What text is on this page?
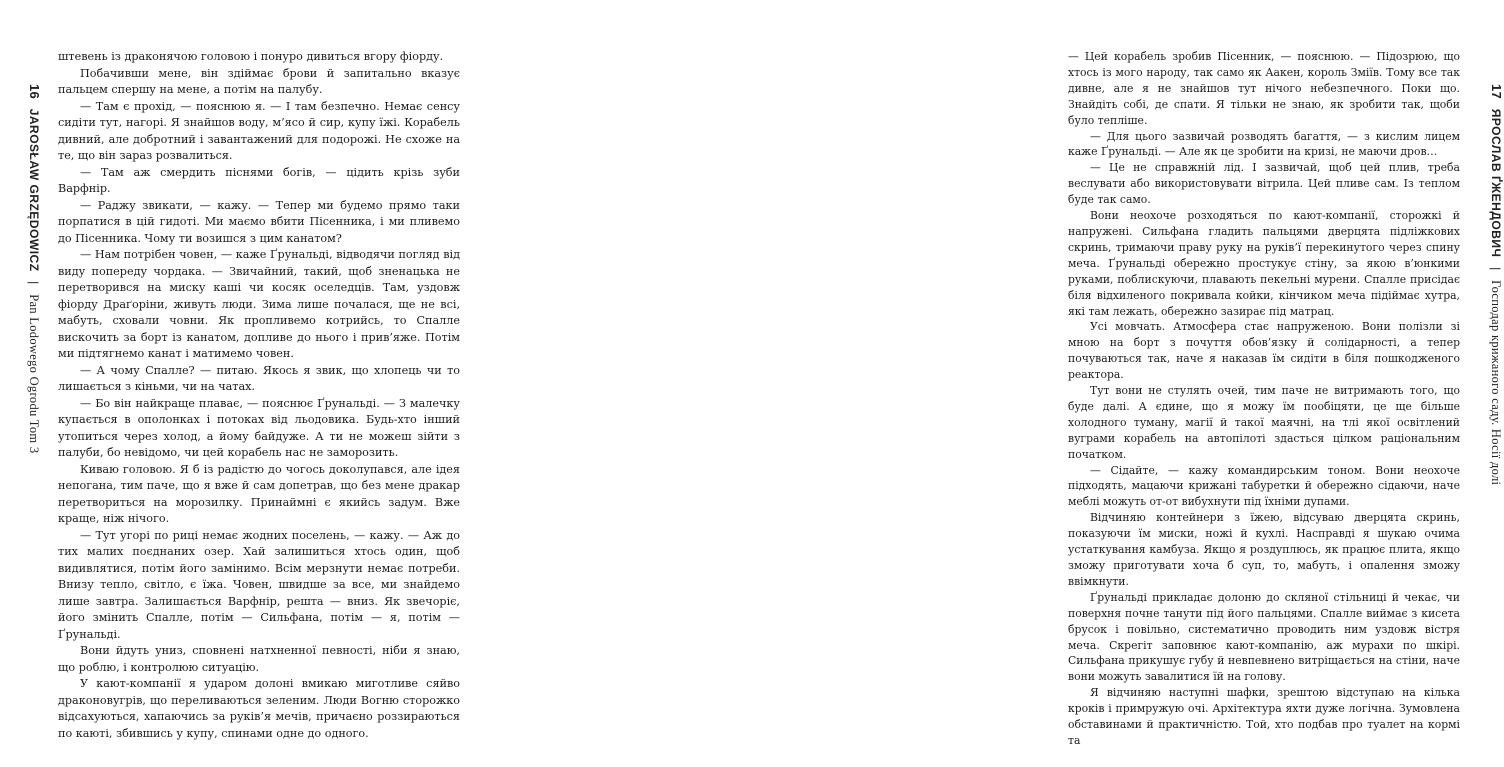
16 JAROSŁAW GRZĘDOWICZ | Pan Lodowego Ogrodu Tom 3

штевень із драконячою головою і понуро дивиться вгору фіорду.

Побачивши мене, він здіймає брови й запитально вказує пальцем спершу на мене, а потім на палубу.

— Там є прохід, — пояснюю я. — І там безпечно. Немає сенсу сидіти тут, нагорі. Я знайшов воду, м’ясо й сир, купу їжі. Корабель дивний, але добротний і завантажений для подорожі. Не схоже на те, що він зараз розвалиться.

— Там аж смердить піснями богів, — цідить крізь зуби Варфнір.

— Раджу звикати, — кажу. — Тепер ми будемо прямо таки порпатися в цій гидоті. Ми маємо вбити Пісенника, і ми пливемо до Пісенника. Чому ти возишся з цим канатом?

— Нам потрібен човен, — каже Ґрунальді, відводячи погляд від виду попереду чордака. — Звичайний, такий, щоб зненацька не перетворився на миску каші чи косяк оселедців. Там, уздовж фіорду Драґоріни, живуть люди. Зима лише почалася, ще не всі, мабуть, сховали човни. Як пропливемо котрийсь, то Спалле вискочить за борт із канатом, допливе до нього і прив’яже. Потім ми підтягнемо канат і матимемо човен.

— А чому Спалле? — питаю. Якось я звик, що хлопець чи то лишається з кіньми, чи на чатах.

— Бо він найкраще плаває, — пояснює Ґрунальді. — З малечку купається в ополонках і потоках від льодовика. Будь-хто інший утопиться через холод, а йому байдуже. А ти не можеш зійти з палуби, бо невідомо, чи цей корабель нас не заморозить.

Киваю головою. Я б із радістю до чогось доколупався, але ідея непогана, тим паче, що я вже й сам допетрав, що без мене дракар перетвориться на морозилку. Принаймні є якийсь задум. Вже краще, ніж нічого.

— Тут угорі по риці немає жодних поселень, — кажу. — Аж до тих малих поєднаних озер. Хай залишиться хтось один, щоб видивлятися, потім його замінимо. Всім мерзнути немає потреби. Внизу тепло, світло, є їжа. Човен, швидше за все, ми знайдемо лише завтра. Залишається Варфнір, решта — вниз. Як звечоріє, його змінить Спалле, потім — Сильфана, потім — я, потім — Ґрунальді.

Вони йдуть униз, сповнені натхненної певності, ніби я знаю, що роблю, і контролюю ситуацію.

У кают-компанії я ударом долоні вмикаю миготливе сяйво драконовугрів, що переливаються зеленим. Люди Вогню сторожко відсахуються, хапаючись за руків’я мечів, причаєно роззираються по каюті, збившись у купу, спинами одне до одного.

— Цей корабель зробив Пісенник, — пояснюю. — Підозрюю, що хтось із мого народу, так само як Аакен, король Зміїв. Тому все так дивне, але я не знайшов тут нічого небезпечного. Поки що. Знайдіть собі, де спати. Я тільки не знаю, як зробити так, щоби було тепліше.

— Для цього зазвичай розводять багаття, — з кислим лицем каже Ґрунальді. — Але як це зробити на кризі, не маючи дров…

— Це не справжній лід. І зазвичай, щоб цей плив, треба веслувати або використовувати вітрила. Цей пливе сам. Із теплом буде так само.

Вони неохоче розходяться по кают-компанії, сторожкі й напружені. Сильфана гладить пальцями дверцята підліжкових скринь, тримаючи праву руку на руків’ї перекинутого через спину меча. Ґрунальді обережно простукує стіну, за якою в’юнкими руками, поблискуючи, плавають пекельні мурени. Спалле присідає біля відхиленого покривала койки, кінчиком меча підіймає хутра, які там лежать, обережно зазирає під матрац.

Усі мовчать. Атмосфера стає напруженою. Вони полізли зі мною на борт з почуття обов’язку й солідарності, а тепер почуваються так, наче я наказав їм сидіти в біля пошкодженого реактора.

Тут вони не стулять очей, тим паче не витримають того, що буде далі. А єдине, що я можу їм пообіцяти, це ще більше холодного туману, магії й такої маячні, на тлі якої освітлений вуграми корабель на автопілоті здасться цілком раціональним початком.

— Сідайте, — кажу командирським тоном. Вони неохоче підходять, мацаючи крижані табуретки й обережно сідаючи, наче меблі можуть от-от вибухнути під їхніми дупами.

Відчиняю контейнери з їжею, відсуваю дверцята скринь, показуючи їм миски, ножі й кухлі. Насправді я шукаю очима устаткування камбуза. Якщо я роздуплюсь, як працює плита, якщо зможу приготувати хоча б суп, то, мабуть, і опалення зможу ввімкнути.

Ґрунальді прикладає долоню до скляної стільниці й чекає, чи поверхня почне танути під його пальцями. Спалле виймає з кисета брусок і повільно, систематично проводить ним уздовж вістря меча. Скрегіт заповнює кают-компанію, аж мурахи по шкірі. Сильфана прикушує губу й невпевнено витріщається на стіни, наче вони можуть завалитися їй на голову.

Я відчиняю наступні шафки, зрештою відступаю на кілька кроків і примружую очі. Архітектура яхти дуже логічна. Зумовлена обставинами й практичністю. Той, хто подбав про туалет на кормі та

17 ЯРОСЛАВ ҐЖЕНДОВИЧ | Господар крижаного саду. Носії долі
